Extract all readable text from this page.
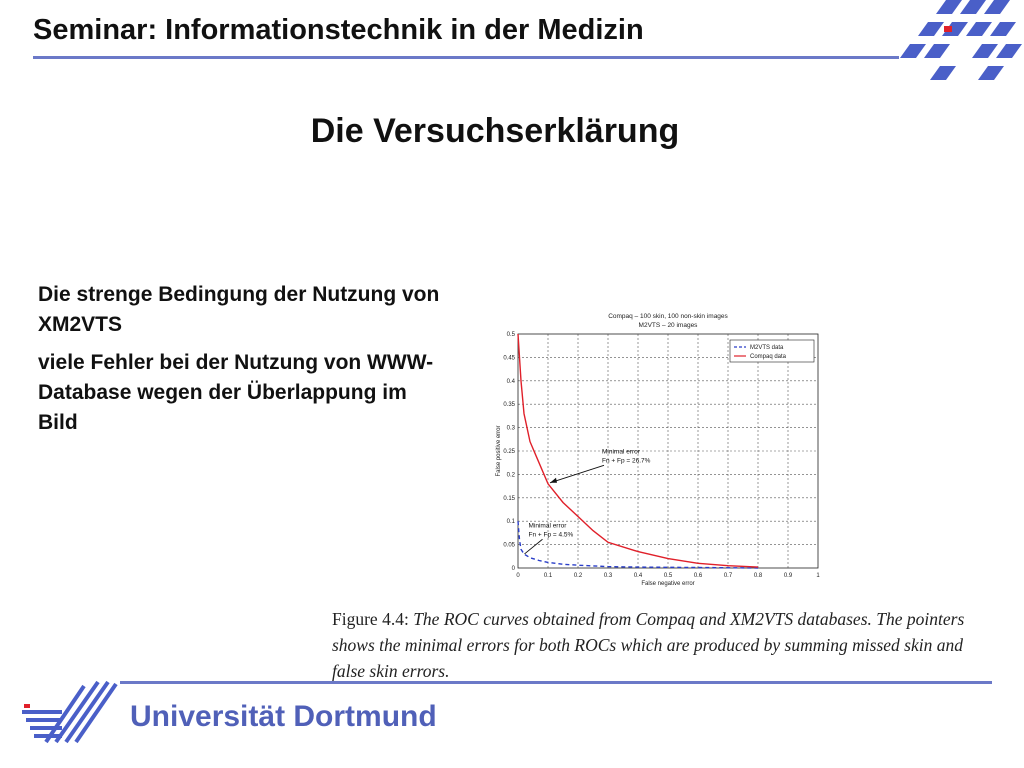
Seminar: Informationstechnik in der Medizin
Die Versuchserklärung

Die strenge Bedingung der Nutzung von XM2VTS

viele Fehler bei der Nutzung von WWW-Database wegen der Überlappung im Bild

Compaq – 100 skin, 100 non-skin images
M2VTS – 20 images
0	0.1	0.2	0.3	0.4	0.5	0.6	0.7	0.8	0.9	1
0
0.05
0.1
0.15
0.2
0.25
0.3
0.35
0.4
0.45
0.5
False negative error
False positive error
M2VTS data
Compaq data
Minimal error
Fn + Fp = 26.7%
Minimal error
Fn + Fp = 4.5%
Figure 4.4: The ROC curves obtained from Compaq and XM2VTS databases. The pointers shows the minimal errors for both ROCs which are produced by summing missed skin and false skin errors.
Universität Dortmund
